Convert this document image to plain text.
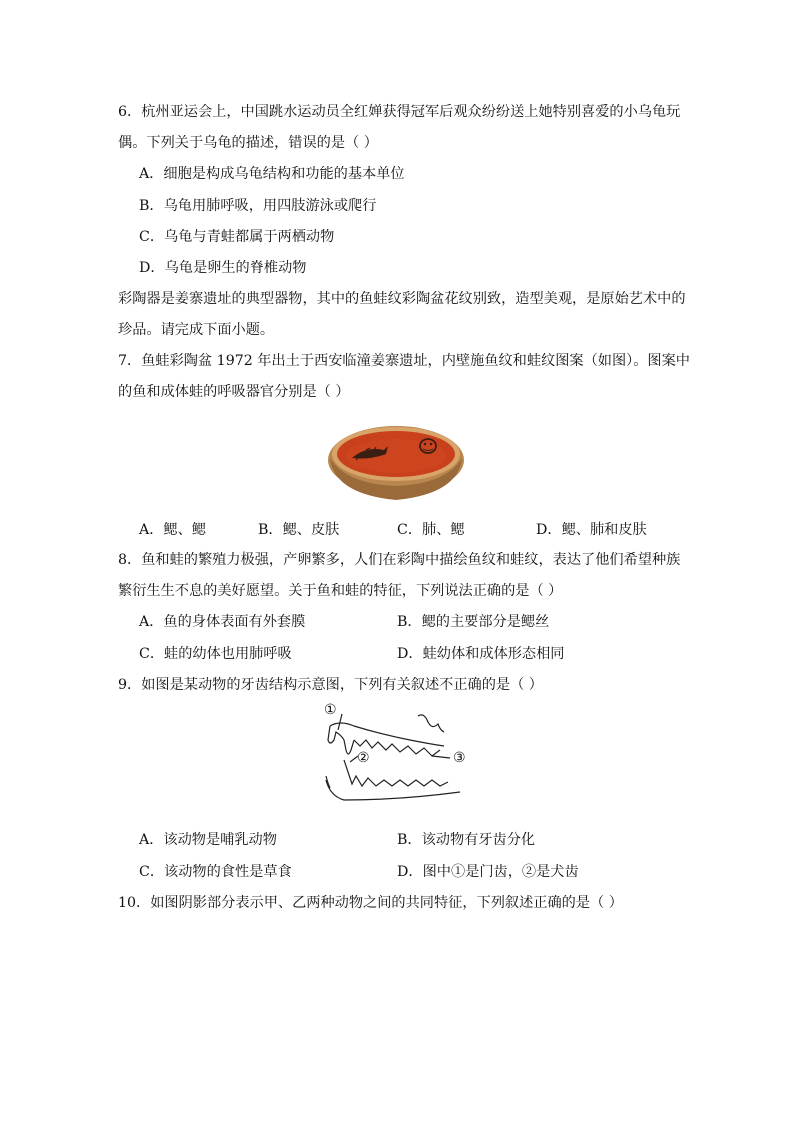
6．杭州亚运会上，中国跳水运动员全红婵获得冠军后观众纷纷送上她特别喜爱的小乌龟玩
偶。下列关于乌龟的描述，错误的是（ ）
A．细胞是构成乌龟结构和功能的基本单位
B．乌龟用肺呼吸，用四肢游泳或爬行
C．乌龟与青蛙都属于两栖动物
D．乌龟是卵生的脊椎动物
彩陶器是姜寨遗址的典型器物，其中的鱼蛙纹彩陶盆花纹别致，造型美观，是原始艺术中的
珍品。请完成下面小题。
7．鱼蛙彩陶盆 1972 年出土于西安临潼姜寨遗址，内壁施鱼纹和蛙纹图案（如图）。图案中
的鱼和成体蛙的呼吸器官分别是（ ）
A．鳃、鳃	B．鳃、皮肤	C．肺、鳃	D．鳃、肺和皮肤
8．鱼和蛙的繁殖力极强，产卵繁多，人们在彩陶中描绘鱼纹和蛙纹，表达了他们希望种族
繁衍生生不息的美好愿望。关于鱼和蛙的特征，下列说法正确的是（ ）
A．鱼的身体表面有外套膜	B．鳃的主要部分是鳃丝
C．蛙的幼体也用肺呼吸	D．蛙幼体和成体形态相同
9．如图是某动物的牙齿结构示意图，下列有关叙述不正确的是（ ）
①
②	③
A．该动物是哺乳动物	B．该动物有牙齿分化
C．该动物的食性是草食	D．图中①是门齿，②是犬齿
10．如图阴影部分表示甲、乙两种动物之间的共同特征，下列叙述正确的是（ ）
